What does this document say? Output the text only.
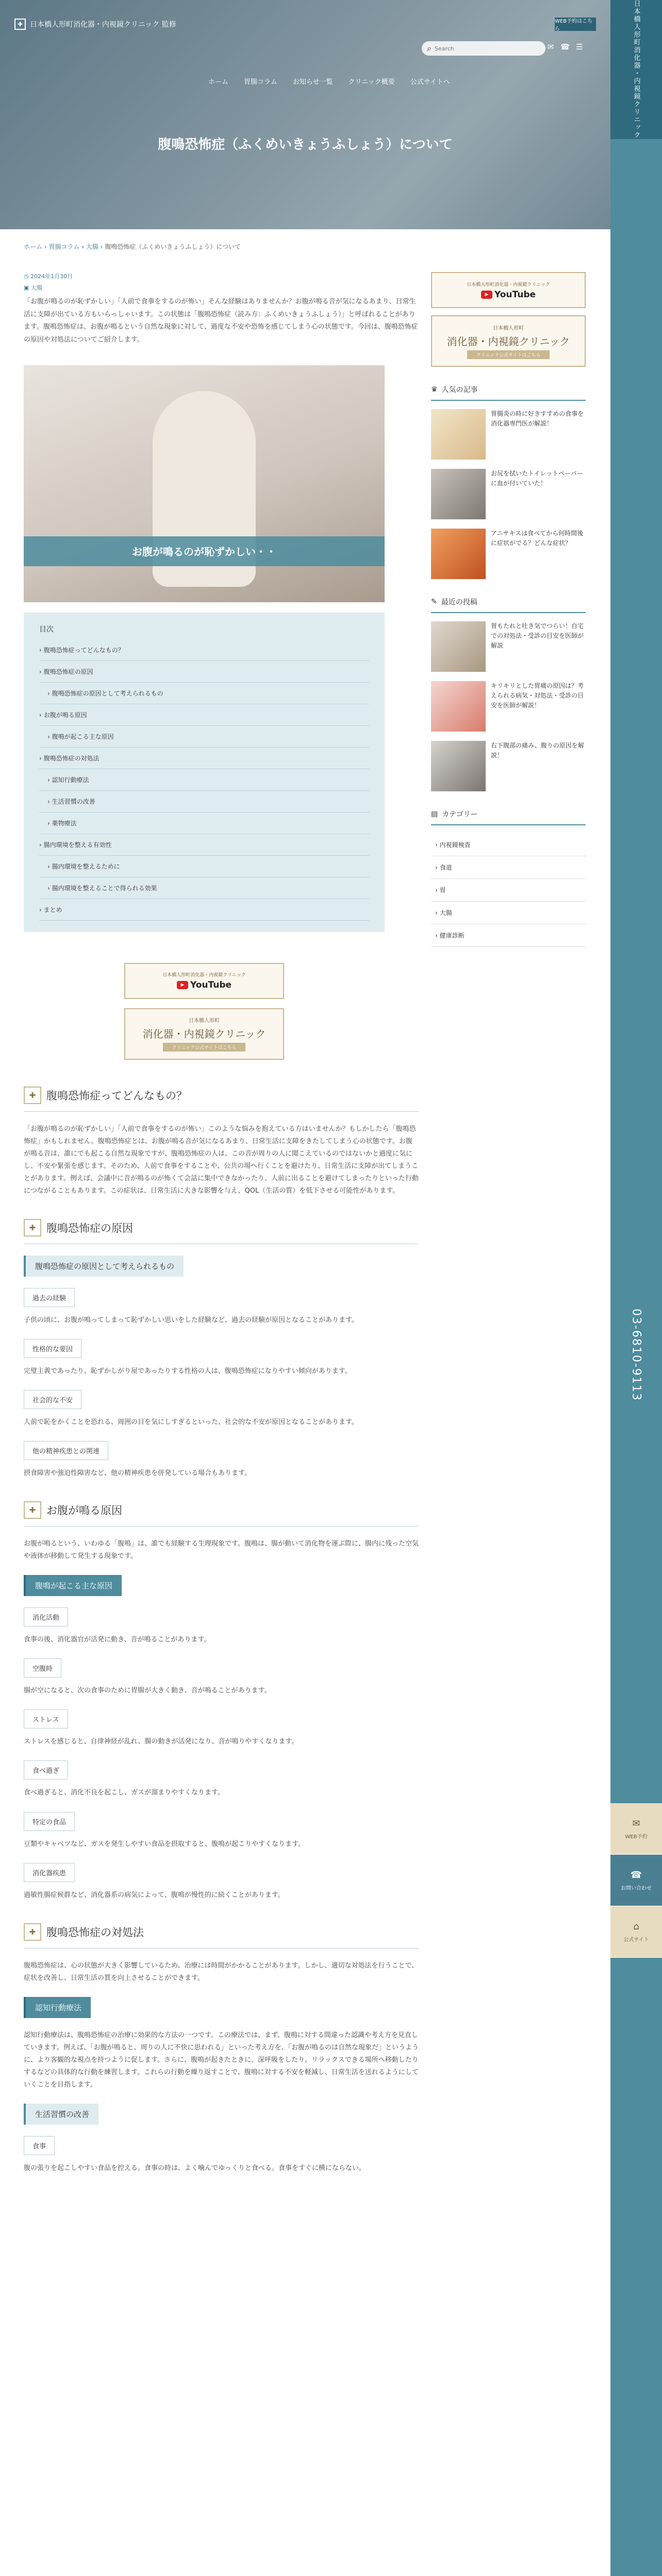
✚ 日本橋人形町消化器・内視鏡クリニック 監修	WEB予約はこちら
⌕
Search	✉ ☎ ☰
ホーム 胃腸コラム お知らせ一覧 クリニック概要 公式サイトへ
腹鳴恐怖症（ふくめいきょうふしょう）について
日本橋人形町消化器・内視鏡クリニック
03-6810-9113
✉
WEB予約
☎
お問い合わせ
⌂
公式サイト
ホーム › 胃腸コラム › 大腸 › 腹鳴恐怖症（ふくめいきょうふしょう）について
◷ 2024年1月30日
▣ 大腸

「お腹が鳴るのが恥ずかしい」「人前で食事をするのが怖い」そんな経験はありませんか？お腹が鳴る音が気になるあまり、日常生活に支障が出ている方もいらっしゃいます。この状態は「腹鳴恐怖症（読み方：ふくめいきょうふしょう）」と呼ばれることがあります。腹鳴恐怖症は、お腹が鳴るという自然な現象に対して、過度な不安や恐怖を感じてしまう心の状態です。今回は、腹鳴恐怖症の原因や対処法についてご紹介します。

お腹が鳴るのが恥ずかしい・・
目次
› 腹鳴恐怖症ってどんなもの？
› 腹鳴恐怖症の原因
› 腹鳴恐怖症の原因として考えられるもの
› お腹が鳴る原因
› 腹鳴が起こる主な原因
› 腹鳴恐怖症の対処法
› 認知行動療法
› 生活習慣の改善
› 薬物療法
› 腸内環境を整える有効性
› 腸内環境を整えるために
› 腸内環境を整えることで得られる効果
› まとめ
日本橋人形町消化器・内視鏡クリニック
▶ YouTube
日本橋人形町
消化器・内視鏡クリニック
クリニック公式サイトはこちら
✚ 腹鳴恐怖症ってどんなもの？

「お腹が鳴るのが恥ずかしい」「人前で食事をするのが怖い」このような悩みを抱えている方はいませんか？もしかしたら「腹鳴恐怖症」かもしれません。腹鳴恐怖症とは、お腹が鳴る音が気になるあまり、日常生活に支障をきたしてしまう心の状態です。お腹が鳴る音は、誰にでも起こる自然な現象ですが、腹鳴恐怖症の人は、この音が周りの人に聞こえているのではないかと過度に気にし、不安や緊張を感じます。そのため、人前で食事をすることや、公共の場へ行くことを避けたり、日常生活に支障が出てしまうことがあります。例えば、会議中に音が鳴るのが怖くて会話に集中できなかったり、人前に出ることを避けてしまったりといった行動につながることもあります。この症状は、日常生活に大きな影響を与え、QOL（生活の質）を低下させる可能性があります。

✚ 腹鳴恐怖症の原因
腹鳴恐怖症の原因として考えられるもの
過去の経験

子供の頃に、お腹が鳴ってしまって恥ずかしい思いをした経験など、過去の経験が原因となることがあります。

性格的な要因

完璧主義であったり、恥ずかしがり屋であったりする性格の人は、腹鳴恐怖症になりやすい傾向があります。

社会的な不安

人前で恥をかくことを恐れる、周囲の目を気にしすぎるといった、社会的な不安が原因となることがあります。

他の精神疾患との関連

摂食障害や強迫性障害など、他の精神疾患を併発している場合もあります。

✚ お腹が鳴る原因

お腹が鳴るという、いわゆる「腹鳴」は、誰でも経験する生理現象です。腹鳴は、腸が動いて消化物を運ぶ際に、腸内に残った空気や液体が移動して発生する現象です。

腹鳴が起こる主な原因
消化活動

食事の後、消化器官が活発に動き、音が鳴ることがあります。

空腹時

腸が空になると、次の食事のために胃腸が大きく動き、音が鳴ることがあります。

ストレス

ストレスを感じると、自律神経が乱れ、腸の動きが活発になり、音が鳴りやすくなります。

食べ過ぎ

食べ過ぎると、消化不良を起こし、ガスが溜まりやすくなります。

特定の食品

豆類やキャベツなど、ガスを発生しやすい食品を摂取すると、腹鳴が起こりやすくなります。

消化器疾患

過敏性腸症候群など、消化器系の病気によって、腹鳴が慢性的に続くことがあります。

✚ 腹鳴恐怖症の対処法

腹鳴恐怖症は、心の状態が大きく影響しているため、治療には時間がかかることがあります。しかし、適切な対処法を行うことで、症状を改善し、日常生活の質を向上させることができます。

認知行動療法

認知行動療法は、腹鳴恐怖症の治療に効果的な方法の一つです。この療法では、まず、腹鳴に対する間違った認識や考え方を見直していきます。例えば、「お腹が鳴ると、周りの人に不快に思われる」といった考え方を、「お腹が鳴るのは自然な現象だ」というように、より客観的な視点を持つように促します。さらに、腹鳴が起きたときに、深呼吸をしたり、リラックスできる場所へ移動したりするなどの具体的な行動を練習します。これらの行動を繰り返すことで、腹鳴に対する不安を軽減し、日常生活を送れるようにしていくことを目指します。

生活習慣の改善
食事

腹の張りを起こしやすい食品を控える。食事の時は、よく噛んでゆっくりと食べる。食事をすぐに横にならない。

日本橋人形町消化器・内視鏡クリニック
▶ YouTube
日本橋人形町
消化器・内視鏡クリニック
クリニック公式サイトはこちら
♛ 人気の記事
胃腸炎の時に好きすすめの食事を消化器専門医が解説！
お尻を拭いたトイレットペーパーに血が付いていた！
アニサキスは食べてから何時間後に症状がでる？どんな症状？
✎ 最近の投稿
胃もたれと吐き気でつらい！自宅での対処法・受診の目安を医師が解説
キリキリとした胃痛の原因は？考えられる病気・対処法・受診の目安を医師が解説！
右下腹部の痛み、腹りの原因を解説！
▤ カテゴリー
› 内視鏡検査
› 食道
› 胃
› 大腸
› 健康診断
